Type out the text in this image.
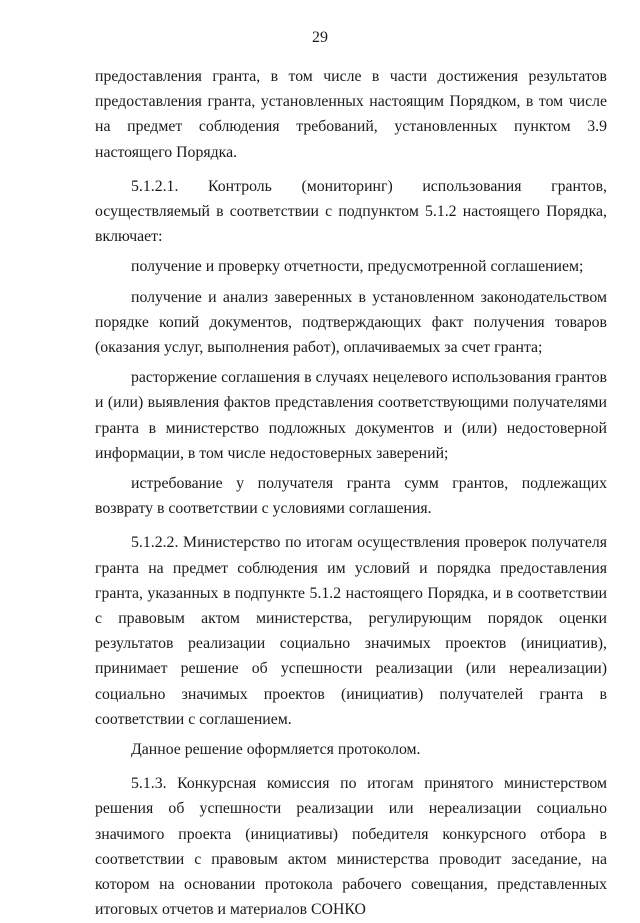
29

предоставления гранта, в том числе в части достижения результатов предоставления гранта, установленных настоящим Порядком, в том числе на предмет соблюдения требований, установленных пунктом 3.9 настоящего Порядка.

5.1.2.1. Контроль (мониторинг) использования грантов, осуществляемый в соответствии с подпунктом 5.1.2 настоящего Порядка, включает:

получение и проверку отчетности, предусмотренной соглашением;

получение и анализ заверенных в установленном законодательством порядке копий документов, подтверждающих факт получения товаров (оказания услуг, выполнения работ), оплачиваемых за счет гранта;

расторжение соглашения в случаях нецелевого использования грантов и (или) выявления фактов представления соответствующими получателями гранта в министерство подложных документов и (или) недостоверной информации, в том числе недостоверных заверений;

истребование у получателя гранта сумм грантов, подлежащих возврату в соответствии с условиями соглашения.

5.1.2.2. Министерство по итогам осуществления проверок получателя гранта на предмет соблюдения им условий и порядка предоставления гранта, указанных в подпункте 5.1.2 настоящего Порядка, и в соответствии с правовым актом министерства, регулирующим порядок оценки результатов реализации социально значимых проектов (инициатив), принимает решение об успешности реализации (или нереализации) социально значимых проектов (инициатив) получателей гранта в соответствии с соглашением.

Данное решение оформляется протоколом.

5.1.3. Конкурсная комиссия по итогам принятого министерством решения об успешности реализации или нереализации социально значимого проекта (инициативы) победителя конкурсного отбора в соответствии с правовым актом министерства проводит заседание, на котором на основании протокола рабочего совещания, представленных итоговых отчетов и материалов СОНКО
